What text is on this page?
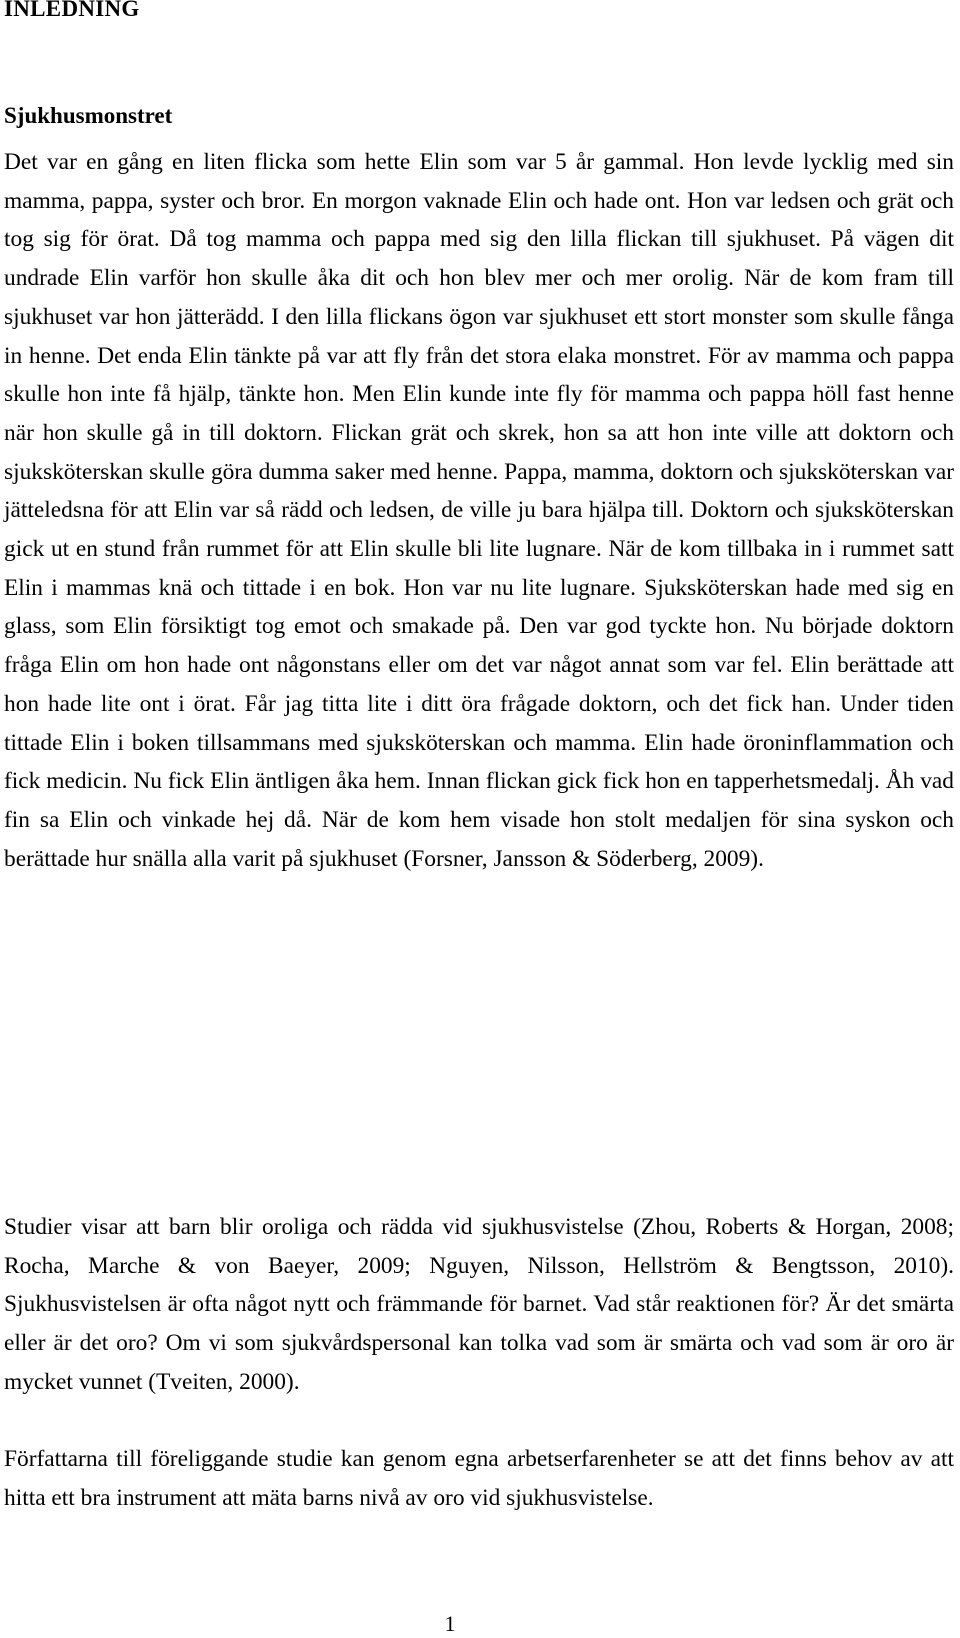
INLEDNING
Sjukhusmonstret

Det var en gång en liten flicka som hette Elin som var 5 år gammal. Hon levde lycklig med sin mamma, pappa, syster och bror. En morgon vaknade Elin och hade ont. Hon var ledsen och grät och tog sig för örat. Då tog mamma och pappa med sig den lilla flickan till sjukhuset. På vägen dit undrade Elin varför hon skulle åka dit och hon blev mer och mer orolig. När de kom fram till sjukhuset var hon jätterädd. I den lilla flickans ögon var sjukhuset ett stort monster som skulle fånga in henne. Det enda Elin tänkte på var att fly från det stora elaka monstret. För av mamma och pappa skulle hon inte få hjälp, tänkte hon. Men Elin kunde inte fly för mamma och pappa höll fast henne när hon skulle gå in till doktorn. Flickan grät och skrek, hon sa att hon inte ville att doktorn och sjuksköterskan skulle göra dumma saker med henne. Pappa, mamma, doktorn och sjuksköterskan var jätteledsna för att Elin var så rädd och ledsen, de ville ju bara hjälpa till. Doktorn och sjuksköterskan gick ut en stund från rummet för att Elin skulle bli lite lugnare. När de kom tillbaka in i rummet satt Elin i mammas knä och tittade i en bok. Hon var nu lite lugnare. Sjuksköterskan hade med sig en glass, som Elin försiktigt tog emot och smakade på. Den var god tyckte hon. Nu började doktorn fråga Elin om hon hade ont någonstans eller om det var något annat som var fel. Elin berättade att hon hade lite ont i örat. Får jag titta lite i ditt öra frågade doktorn, och det fick han. Under tiden tittade Elin i boken tillsammans med sjuksköterskan och mamma. Elin hade öroninflammation och fick medicin. Nu fick Elin äntligen åka hem. Innan flickan gick fick hon en tapperhetsmedalj. Åh vad fin sa Elin och vinkade hej då. När de kom hem visade hon stolt medaljen för sina syskon och berättade hur snälla alla varit på sjukhuset (Forsner, Jansson & Söderberg, 2009).

Studier visar att barn blir oroliga och rädda vid sjukhusvistelse (Zhou, Roberts & Horgan, 2008; Rocha, Marche & von Baeyer, 2009; Nguyen, Nilsson, Hellström & Bengtsson, 2010). Sjukhusvistelsen är ofta något nytt och främmande för barnet. Vad står reaktionen för? Är det smärta eller är det oro? Om vi som sjukvårdspersonal kan tolka vad som är smärta och vad som är oro är mycket vunnet (Tveiten, 2000).

Författarna till föreliggande studie kan genom egna arbetserfarenheter se att det finns behov av att hitta ett bra instrument att mäta barns nivå av oro vid sjukhusvistelse.

1
